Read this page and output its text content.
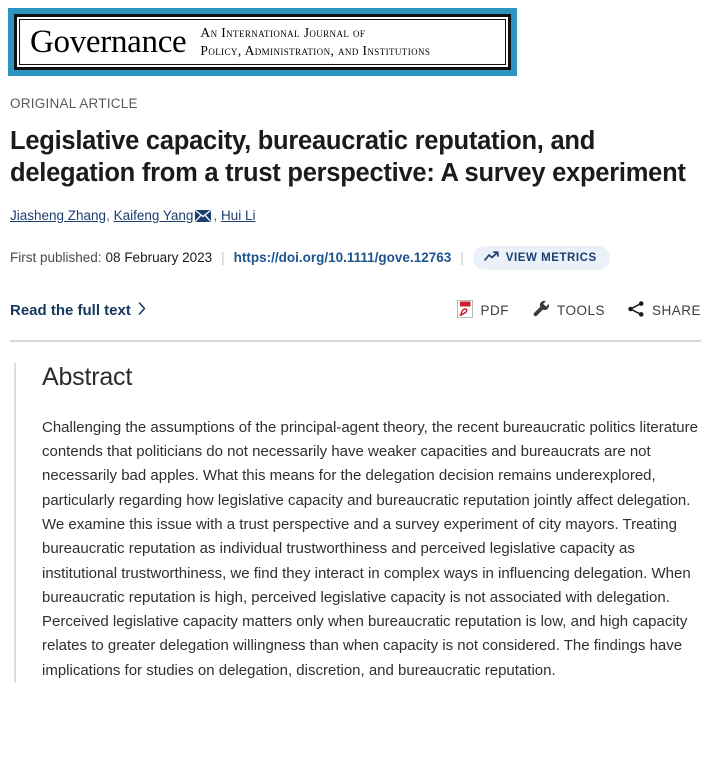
Governance An International Journal of
Policy, Administration, and Institutions
ORIGINAL ARTICLE
Legislative capacity, bureaucratic reputation, and delegation from a trust perspective: A survey experiment
Jiasheng Zhang, Kaifeng Yang , Hui Li
First published: 08 February 2023 | https://doi.org/10.1111/gove.12763 |	VIEW METRICS
Read the full text	PDF	TOOLS	SHARE
Abstract

Challenging the assumptions of the principal-agent theory, the recent bureaucratic politics literature contends that politicians do not necessarily have weaker capacities and bureaucrats are not necessarily bad apples. What this means for the delegation decision remains underexplored, particularly regarding how legislative capacity and bureaucratic reputation jointly affect delegation. We examine this issue with a trust perspective and a survey experiment of city mayors. Treating bureaucratic reputation as individual trustworthiness and perceived legislative capacity as institutional trustworthiness, we find they interact in complex ways in influencing delegation. When bureaucratic reputation is high, perceived legislative capacity is not associated with delegation. Perceived legislative capacity matters only when bureaucratic reputation is low, and high capacity relates to greater delegation willingness than when capacity is not considered. The findings have implications for studies on delegation, discretion, and bureaucratic reputation.
